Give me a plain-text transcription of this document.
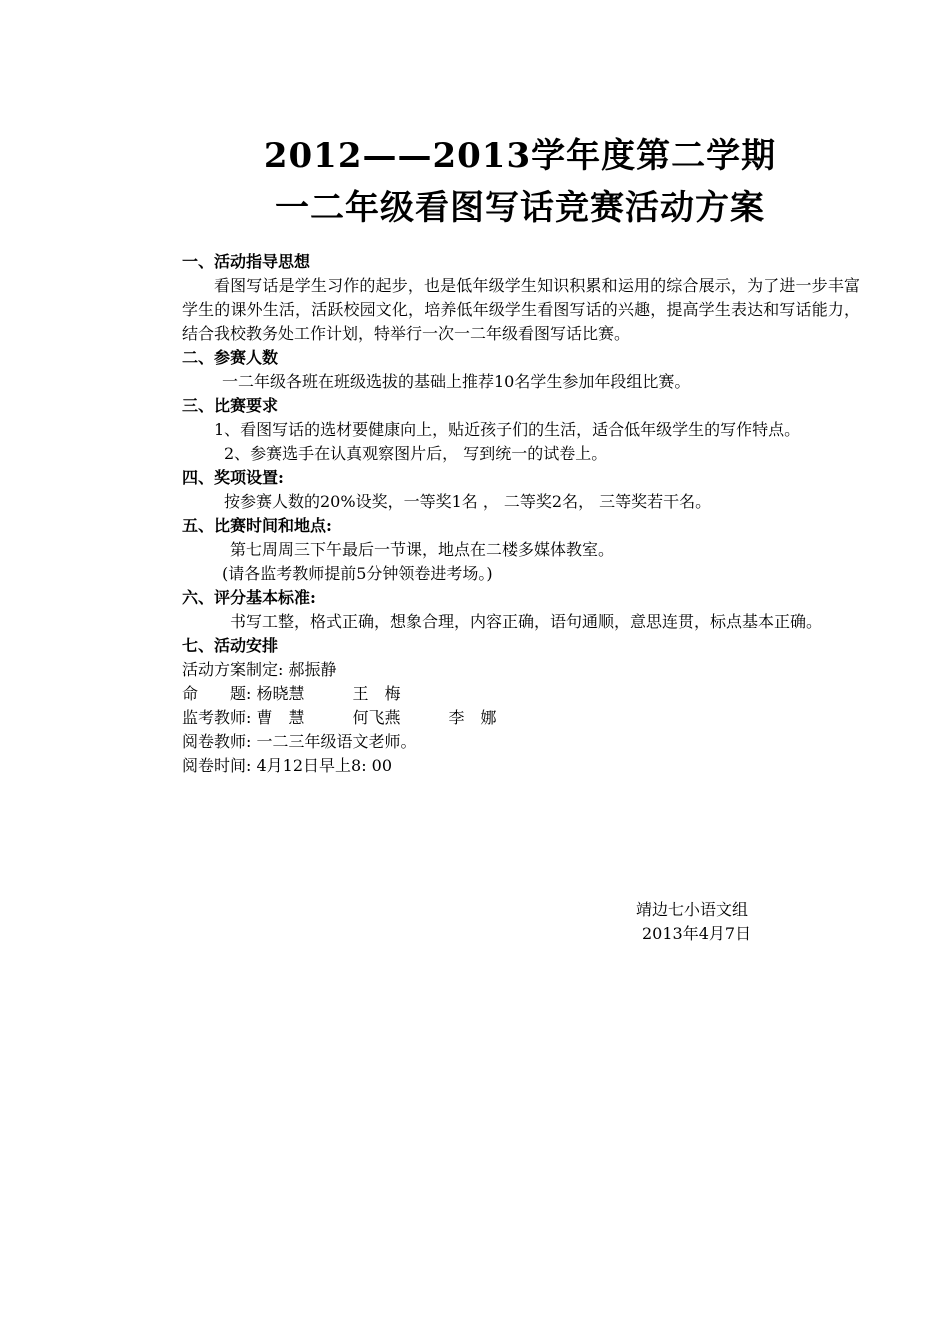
2012——2013学年度第二学期
一二年级看图写话竞赛活动方案
一、活动指导思想
看图写话是学生习作的起步，也是低年级学生知识积累和运用的综合展示，为了进一步丰富学生的课外生活，活跃校园文化，培养低年级学生看图写话的兴趣，提高学生表达和写话能力，结合我校教务处工作计划，特举行一次一二年级看图写话比赛。
二、参赛人数
一二年级各班在班级选拔的基础上推荐10名学生参加年段组比赛。
三、比赛要求
1、看图写话的选材要健康向上，贴近孩子们的生活，适合低年级学生的写作特点。
2、参赛选手在认真观察图片后， 写到统一的试卷上。
四、奖项设置:
按参赛人数的20%设奖，一等奖1名 ， 二等奖2名， 三等奖若干名。
五、比赛时间和地点:
第七周周三下午最后一节课，地点在二楼多媒体教室。
(请各监考教师提前5分钟领卷进考场。)
六、评分基本标准:
书写工整，格式正确，想象合理，内容正确，语句通顺，意思连贯，标点基本正确。
七、活动安排
活动方案制定: 郝振静
命　　题: 杨晓慧　　　王　梅
监考教师: 曹　慧　　　何飞燕　　　李　娜
阅卷教师: 一二三年级语文老师。
阅卷时间: 4月12日早上8: 00
靖边七小语文组
2013年4月7日
